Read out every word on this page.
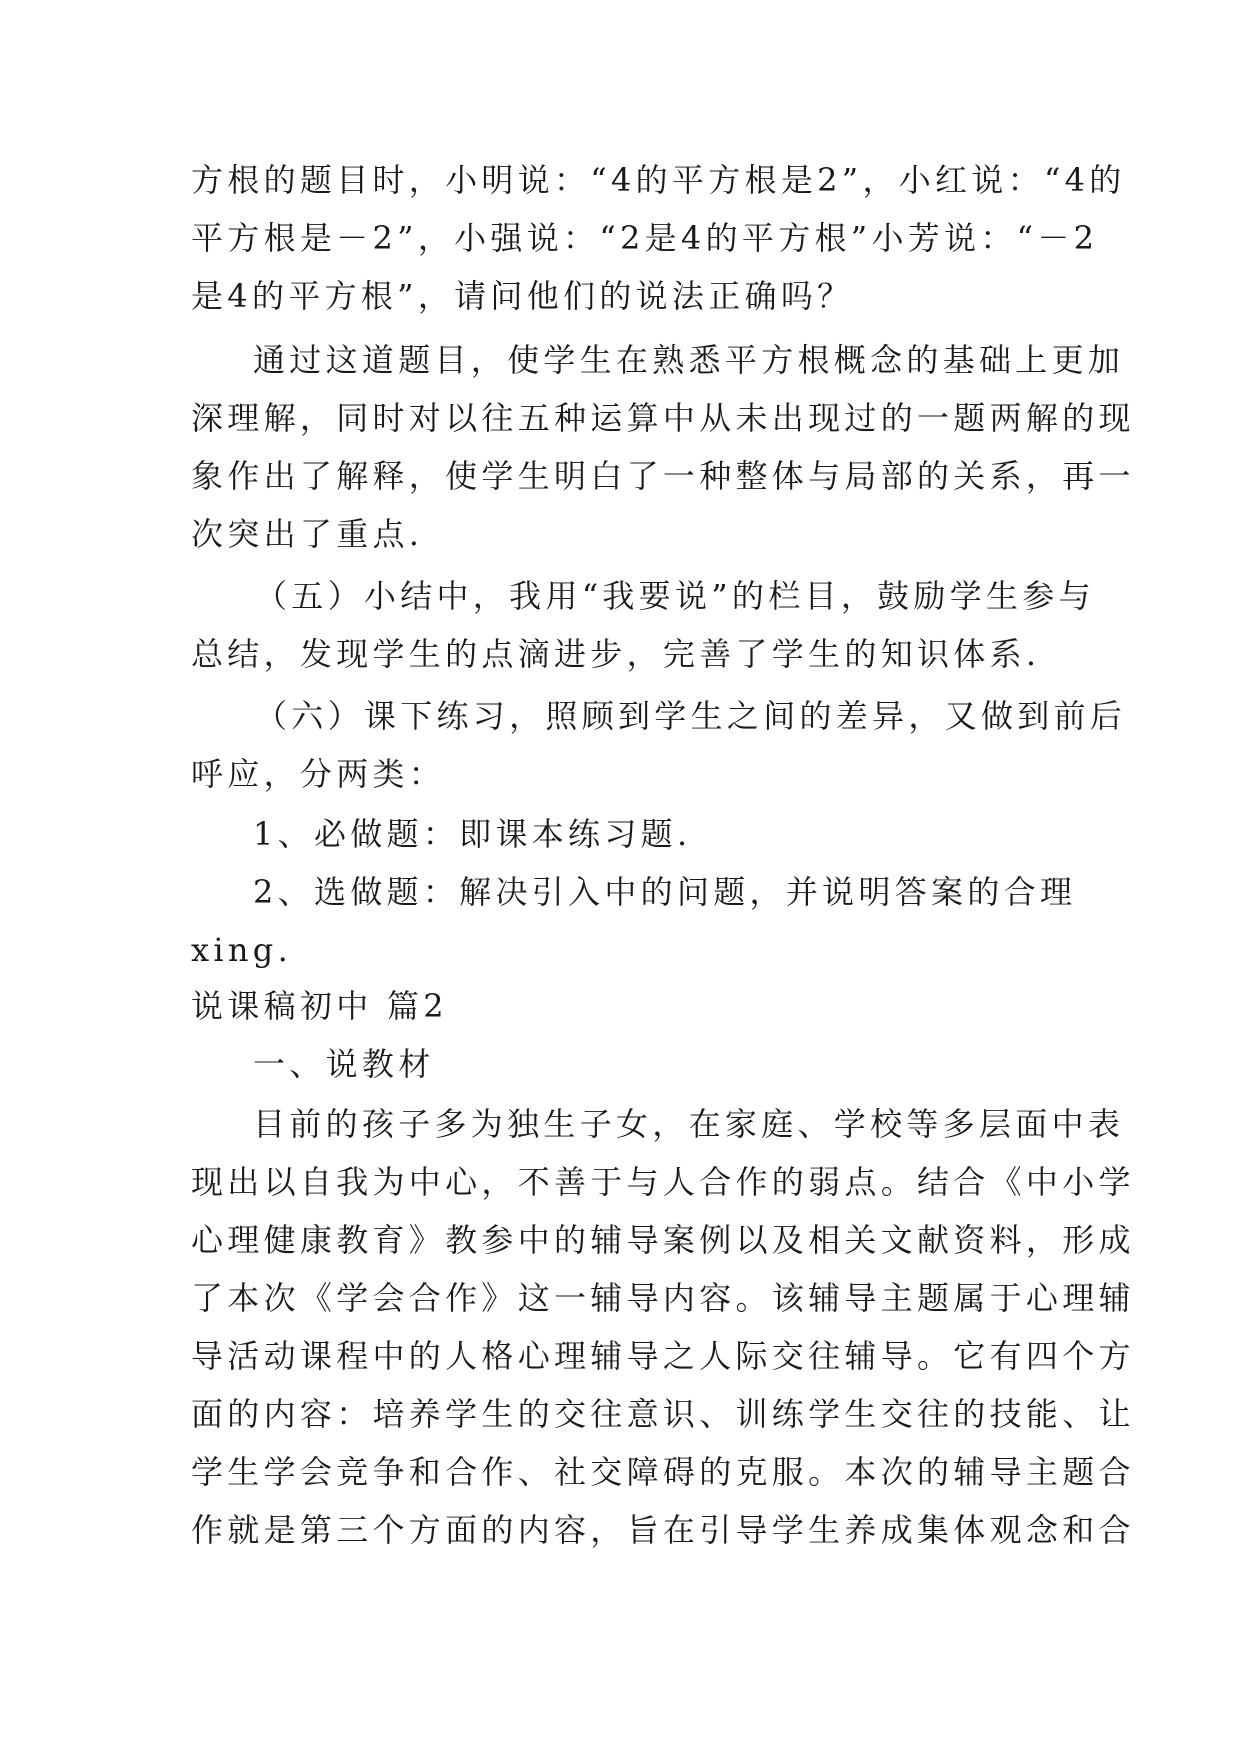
方根的题目时，小明说：“4的平方根是2”，小红说：“4的
平方根是－2”，小强说：“2是4的平方根”小芳说：“－2
是4的平方根”，请问他们的说法正确吗？
通过这道题目，使学生在熟悉平方根概念的基础上更加
深理解，同时对以往五种运算中从未出现过的一题两解的现
象作出了解释，使学生明白了一种整体与局部的关系，再一
次突出了重点.
（五）小结中，我用“我要说”的栏目，鼓励学生参与
总结，发现学生的点滴进步，完善了学生的知识体系.
（六）课下练习，照顾到学生之间的差异，又做到前后
呼应，分两类：
1、必做题：即课本练习题.
2、选做题：解决引入中的问题，并说明答案的合理
xing.
说课稿初中 篇2
一、说教材
目前的孩子多为独生子女，在家庭、学校等多层面中表
现出以自我为中心，不善于与人合作的弱点。结合《中小学
心理健康教育》教参中的辅导案例以及相关文献资料，形成
了本次《学会合作》这一辅导内容。该辅导主题属于心理辅
导活动课程中的人格心理辅导之人际交往辅导。它有四个方
面的内容：培养学生的交往意识、训练学生交往的技能、让
学生学会竞争和合作、社交障碍的克服。本次的辅导主题合
作就是第三个方面的内容，旨在引导学生养成集体观念和合
